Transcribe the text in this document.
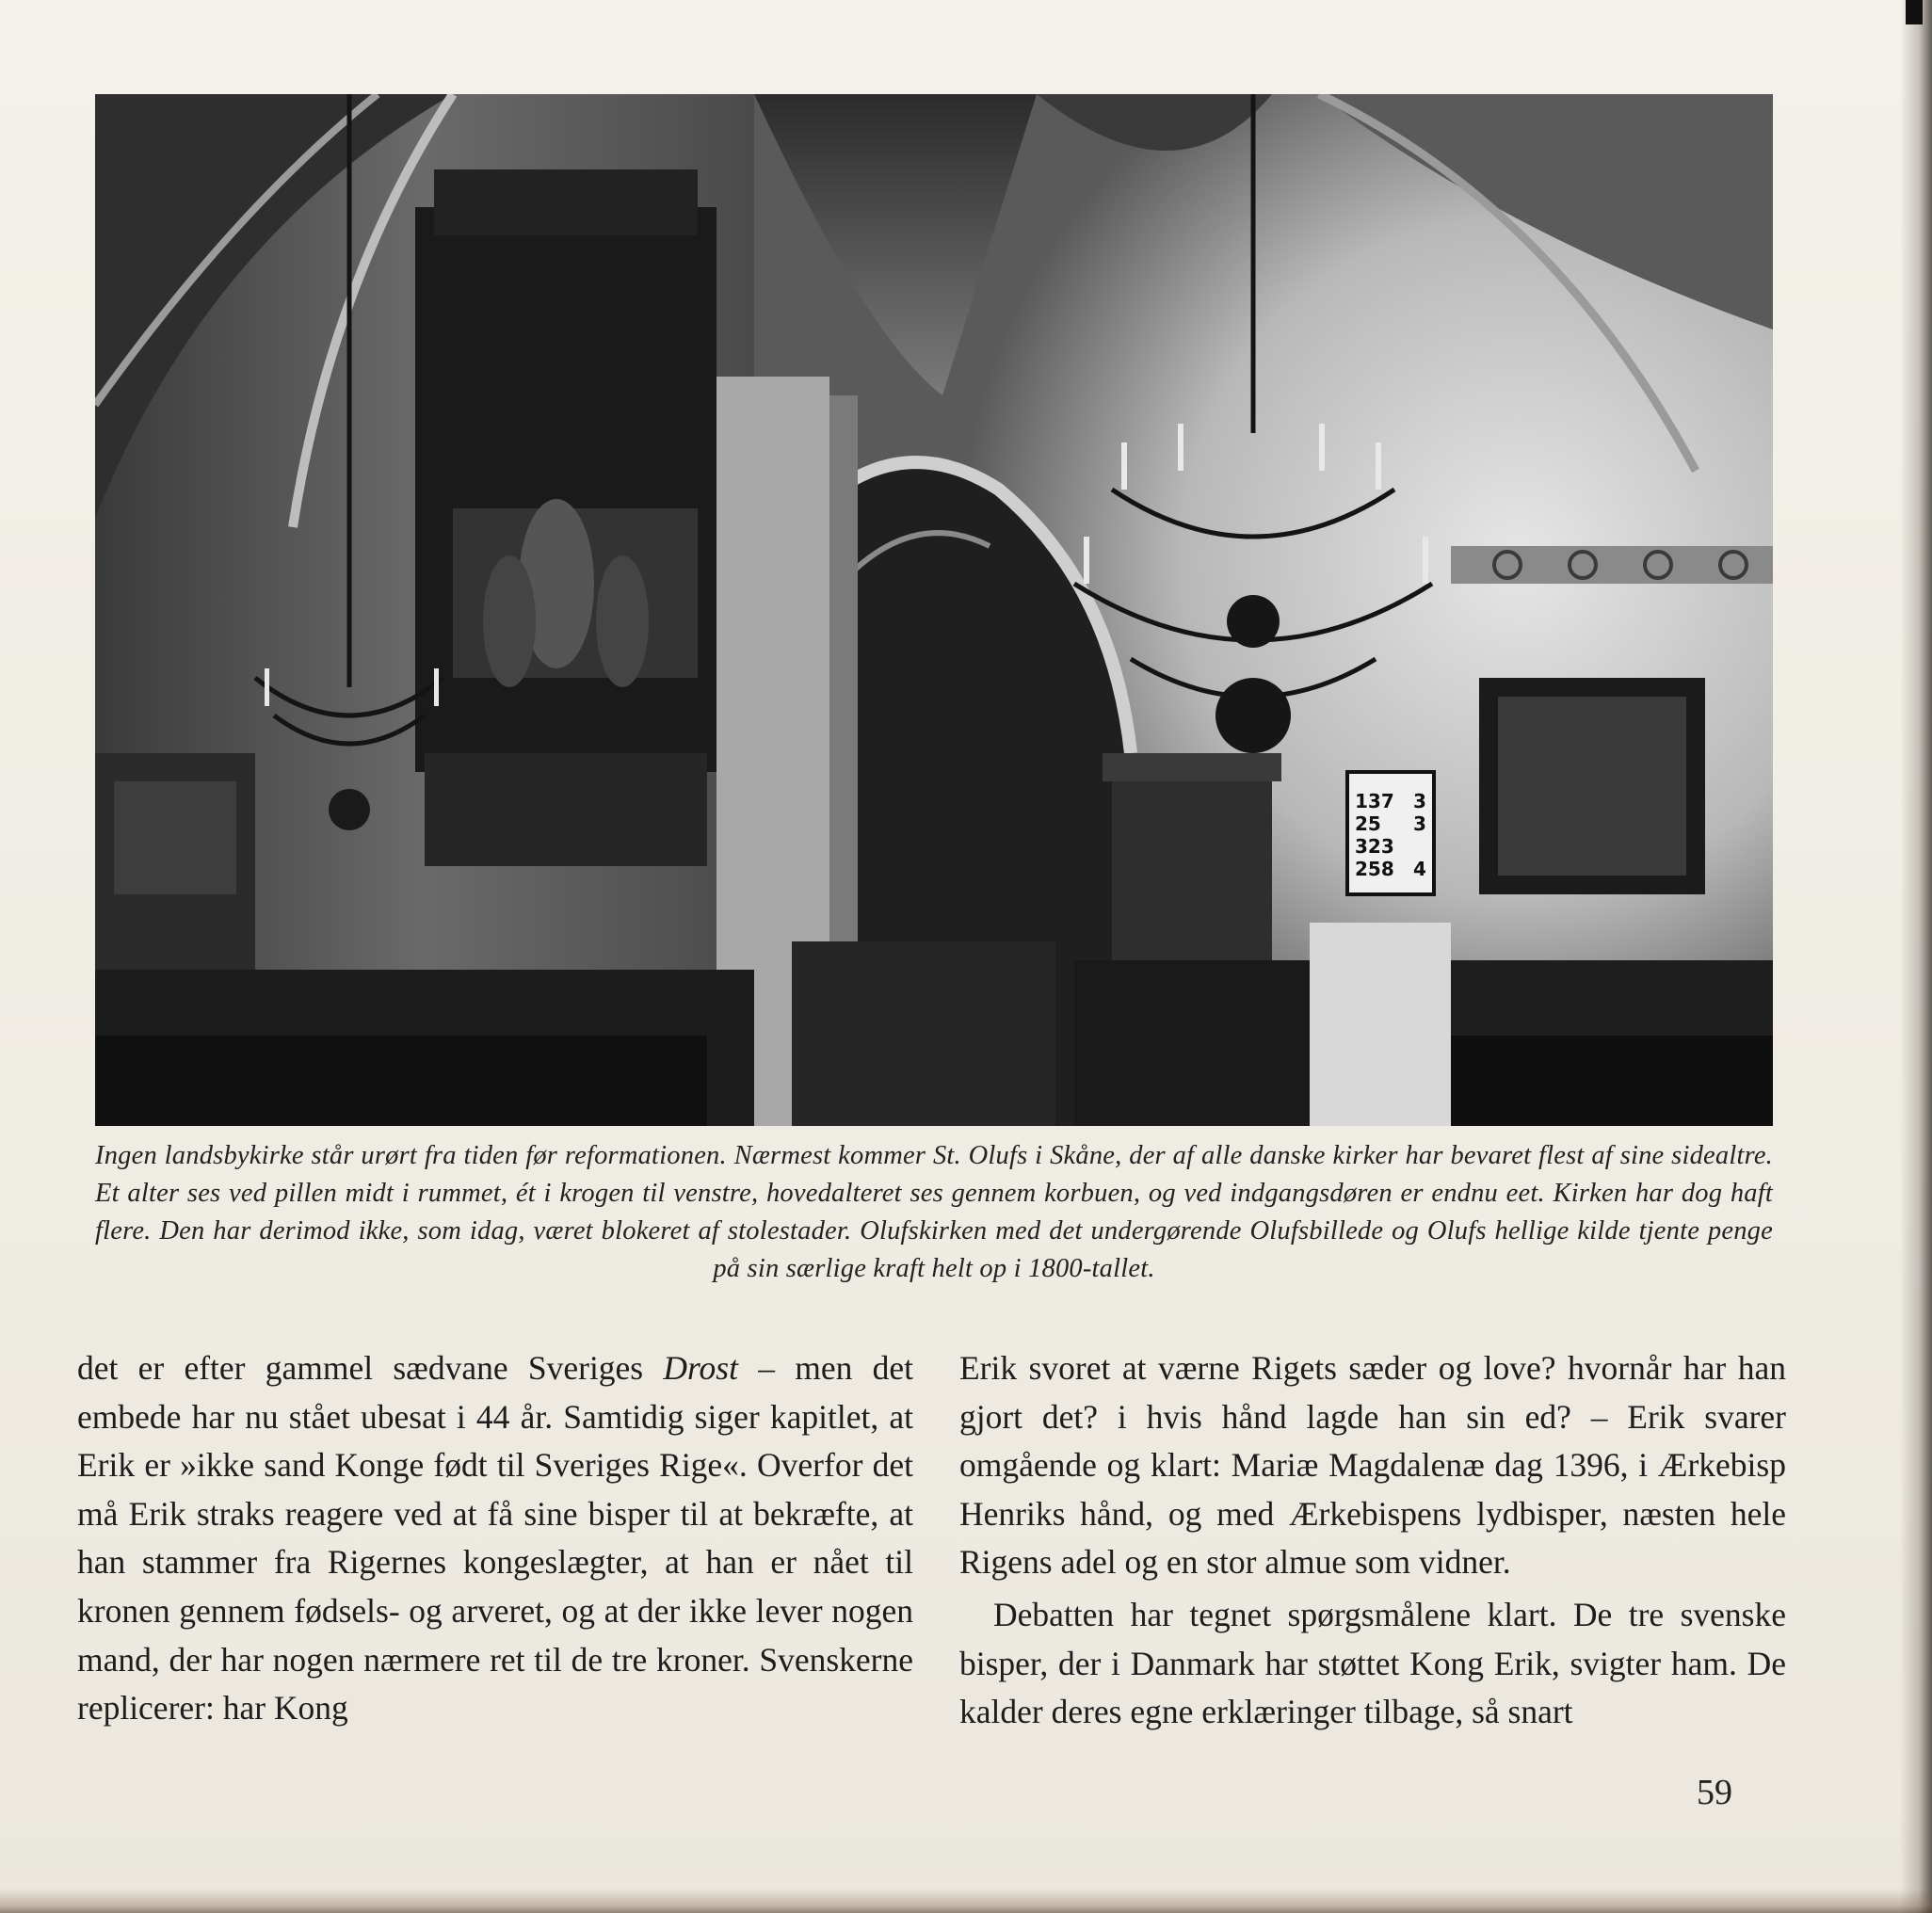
137
25
323
258
3
3
4
Ingen landsbykirke står urørt fra tiden før reformationen. Nærmest kommer St. Olufs i Skåne, der af alle danske kirker har bevaret flest af sine sidealtre. Et alter ses ved pillen midt i rummet, ét i krogen til venstre, hovedalteret ses gennem korbuen, og ved indgangsdøren er endnu eet. Kirken har dog haft flere. Den har derimod ikke, som idag, været blokeret af stolestader. Olufskirken med det undergørende Olufsbillede og Olufs hellige kilde tjente penge på sin særlige kraft helt op i 1800-tallet.

det er efter gammel sædvane Sveriges Drost – men det embede har nu stået ubesat i 44 år. Samtidig siger kapitlet, at Erik er »ikke sand Konge født til Sveriges Rige«. Overfor det må Erik straks reagere ved at få sine bisper til at bekræfte, at han stammer fra Rigernes kongeslægter, at han er nået til kronen gennem fødsels- og arveret, og at der ikke lever nogen mand, der har nogen nærmere ret til de tre kroner. Svenskerne replicerer: har Kong

Erik svoret at værne Rigets sæder og love? hvornår har han gjort det? i hvis hånd lagde han sin ed? – Erik svarer omgående og klart: Mariæ Magdalenæ dag 1396, i Ærkebisp Henriks hånd, og med Ærkebispens lydbisper, næsten hele Rigens adel og en stor almue som vidner.

Debatten har tegnet spørgsmålene klart. De tre svenske bisper, der i Danmark har støttet Kong Erik, svigter ham. De kalder deres egne erklæringer tilbage, så snart

59
